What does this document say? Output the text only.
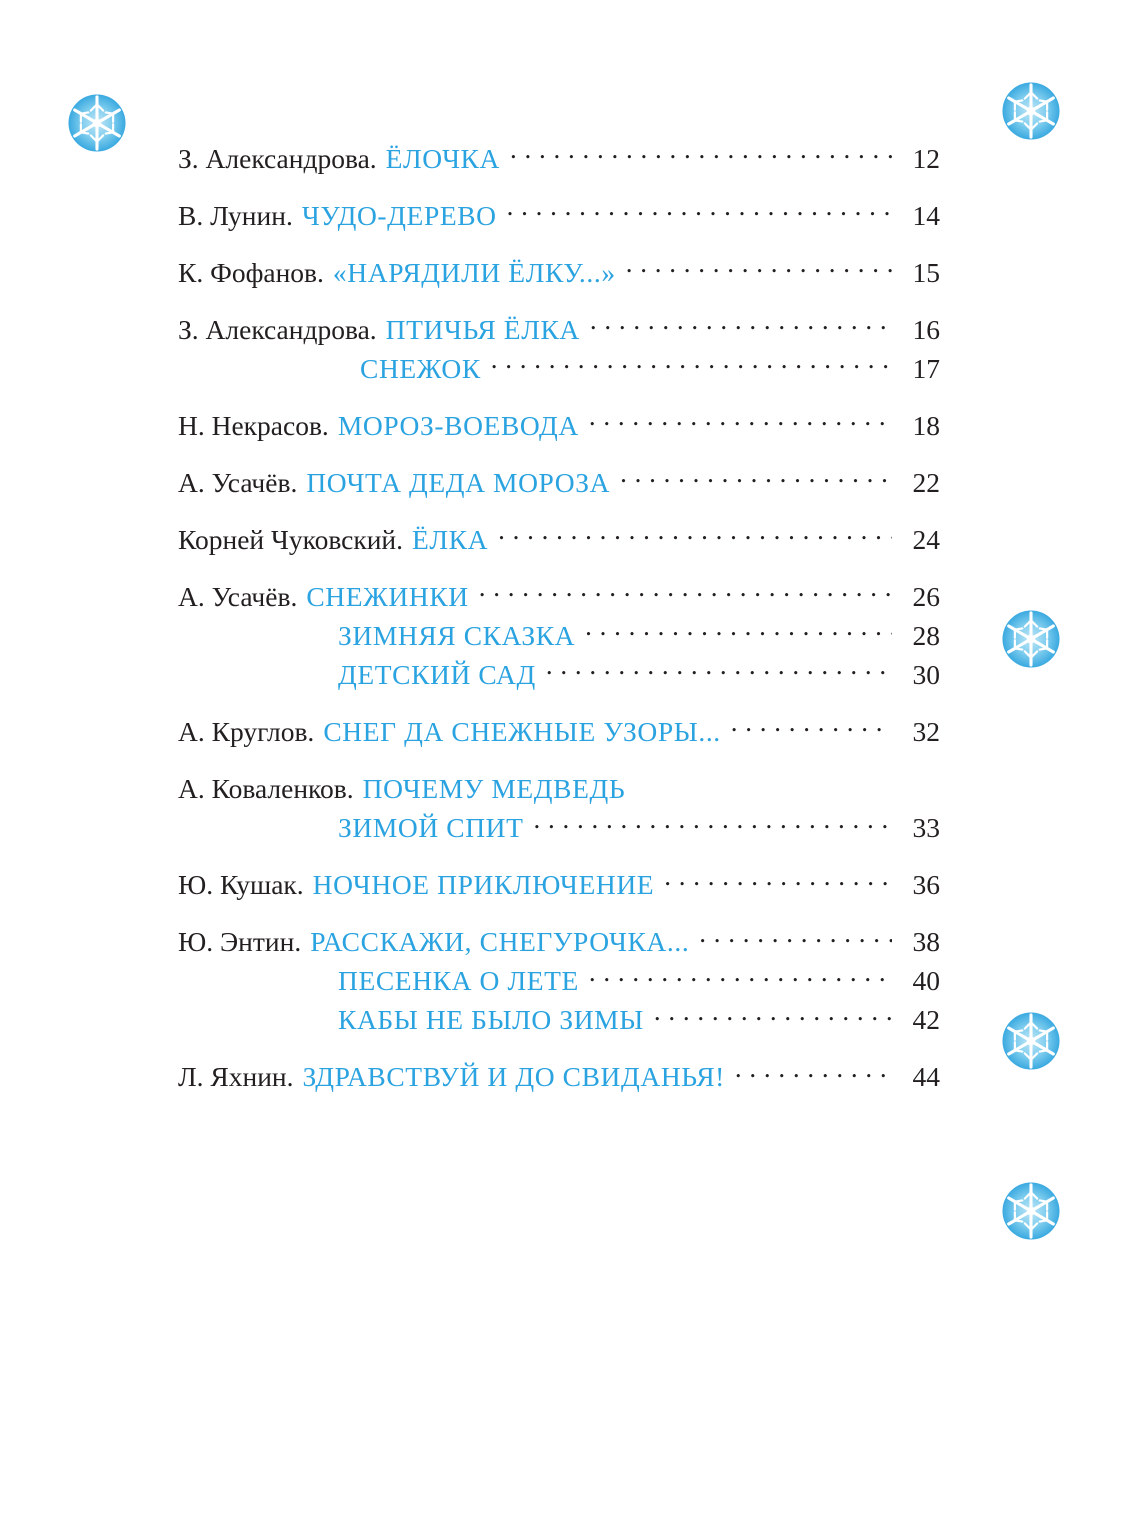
З. Александрова. ЁЛОЧКА . . .	12
В. Лунин. ЧУДО-ДЕРЕВО . . .	14
К. Фофанов. «НАРЯДИЛИ ЁЛКУ...» . . .	15
З. Александрова. ПТИЧЬЯ ЁЛКА . . .	16
СНЕЖОК . . .	17
Н. Некрасов. МОРОЗ-ВОЕВОДА . . .	18
А. Усачёв. ПОЧТА ДЕДА МОРОЗА . . .	22
Корней Чуковский. ЁЛКА . . .	24
А. Усачёв. СНЕЖИНКИ . . .	26
ЗИМНЯЯ СКАЗКА . . .	28
ДЕТСКИЙ САД . . .	30
А. Круглов. СНЕГ ДА СНЕЖНЫЕ УЗОРЫ... . . .	32
А. Коваленков. ПОЧЕМУ МЕДВЕДЬ
ЗИМОЙ СПИТ . . .	33
Ю. Кушак. НОЧНОЕ ПРИКЛЮЧЕНИЕ . . .	36
Ю. Энтин. РАССКАЖИ, СНЕГУРОЧКА... . . .	38
ПЕСЕНКА О ЛЕТЕ . . .	40
КАБЫ НЕ БЫЛО ЗИМЫ . . .	42
Л. Яхнин. ЗДРАВСТВУЙ И ДО СВИДАНЬЯ! . . .	44
